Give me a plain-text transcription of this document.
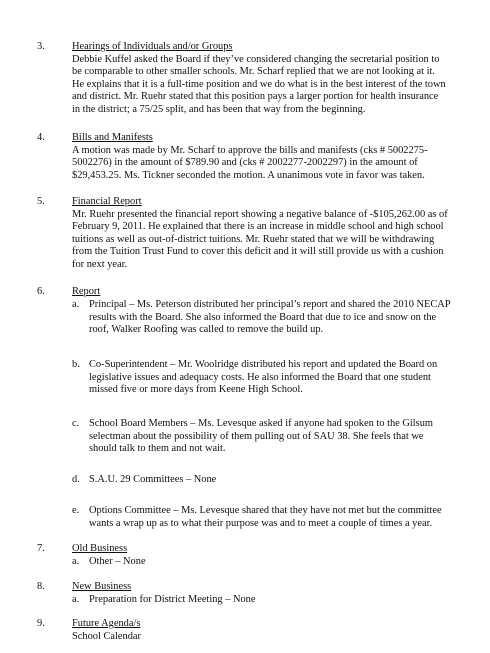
3.	Hearings of Individuals and/or Groups
Debbie Kuffel asked the Board if they’ve considered changing the secretarial position to
be comparable to other smaller schools. Mr. Scharf replied that we are not looking at it.
He explains that it is a full-time position and we do what is in the best interest of the town
and district. Mr. Ruehr stated that this position pays a larger portion for health insurance
in the district; a 75/25 split, and has been that way from the beginning.
4.	Bills and Manifests
A motion was made by Mr. Scharf to approve the bills and manifests (cks # 5002275-
5002276) in the amount of $789.90 and (cks # 2002277-2002297) in the amount of
$29,453.25. Ms. Tickner seconded the motion. A unanimous vote in favor was taken.
5.	Financial Report
Mr. Ruehr presented the financial report showing a negative balance of -$105,262.00 as of
February 9, 2011. He explained that there is an increase in middle school and high school
tuitions as well as out-of-district tuitions. Mr. Ruehr stated that we will be withdrawing
from the Tuition Trust Fund to cover this deficit and it will still provide us with a cushion
for next year.
6.	Report
a. Principal – Ms. Peterson distributed her principal’s report and shared the 2010 NECAP
results with the Board. She also informed the Board that due to ice and snow on the
roof, Walker Roofing was called to remove the build up.
b. Co-Superintendent – Mr. Woolridge distributed his report and updated the Board on
legislative issues and adequacy costs. He also informed the Board that one student
missed five or more days from Keene High School.
c. School Board Members – Ms. Levesque asked if anyone had spoken to the Gilsum
selectman about the possibility of them pulling out of SAU 38. She feels that we
should talk to them and not wait.
d. S.A.U. 29 Committees – None
e. Options Committee – Ms. Levesque shared that they have not met but the committee
wants a wrap up as to what their purpose was and to meet a couple of times a year.
7.	Old Business
a. Other – None
8.	New Business
a. Preparation for District Meeting – None
9.	Future Agenda/s
School Calendar
